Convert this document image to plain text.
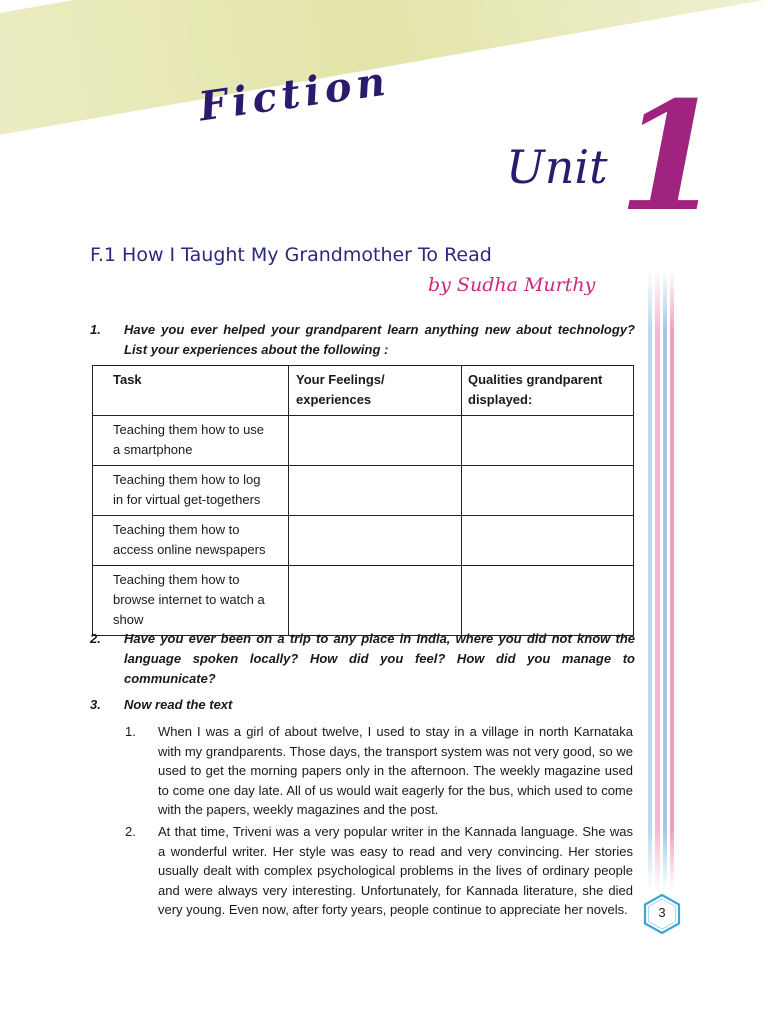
Fiction
Unit 1
F.1 How I Taught My Grandmother To Read
by Sudha Murthy
1. Have you ever helped your grandparent learn anything new about technology? List your experiences about the following :
Task	Your Feelings/ experiences	Qualities grandparent displayed:
Teaching them how to use a smartphone		
Teaching them how to log in for virtual get-togethers		
Teaching them how to access online newspapers		
Teaching them how to browse internet to watch a show		
2. Have you ever been on a trip to any place in India, where you did not know the language spoken locally? How did you feel? How did you manage to communicate?
3. Now read the text
1. When I was a girl of about twelve, I used to stay in a village in north Karnataka with my grandparents. Those days, the transport system was not very good, so we used to get the morning papers only in the afternoon. The weekly magazine used to come one day late. All of us would wait eagerly for the bus, which used to come with the papers, weekly magazines and the post.
2. At that time, Triveni was a very popular writer in the Kannada language. She was a wonderful writer. Her style was easy to read and very convincing. Her stories usually dealt with complex psychological problems in the lives of ordinary people and were always very interesting. Unfortunately, for Kannada literature, she died very young. Even now, after forty years, people continue to appreciate her novels.	3
